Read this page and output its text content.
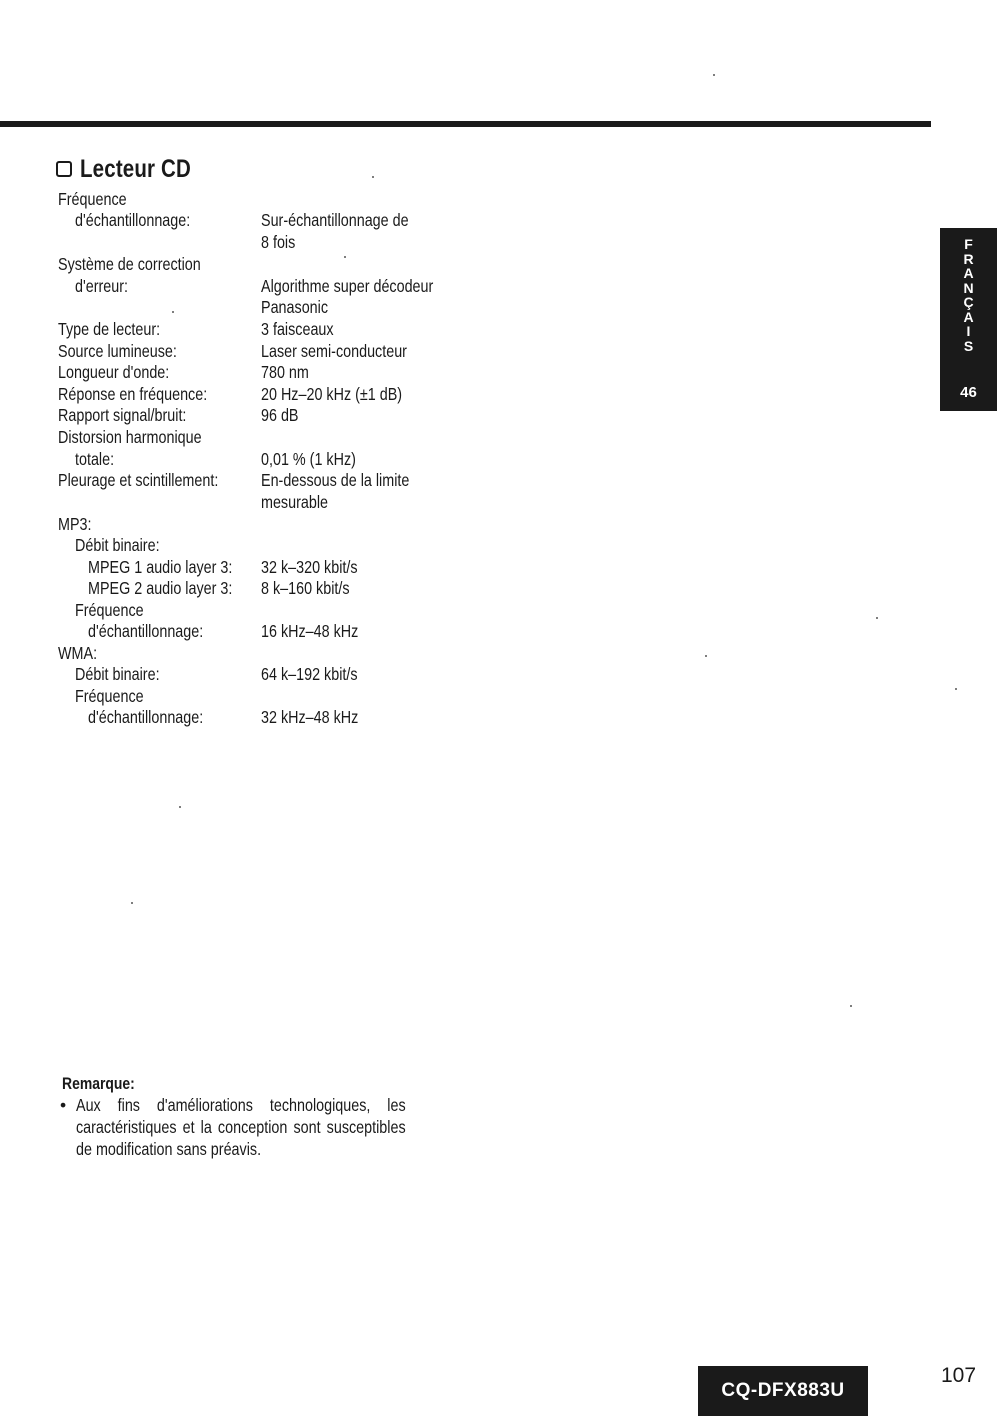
Lecteur CD
Fréquence
d'échantillonnage:
Système de correction
d'erreur:
Type de lecteur:
Source lumineuse:
Longueur d'onde:
Réponse en fréquence:
Rapport signal/bruit:
Distorsion harmonique
totale:
Pleurage et scintillement:
MP3:
Débit binaire:
MPEG 1 audio layer 3:
MPEG 2 audio layer 3:
Fréquence
d'échantillonnage:
WMA:
Débit binaire:
Fréquence
d'échantillonnage:
Sur-échantillonnage de
8 fois
Algorithme super décodeur
Panasonic
3 faisceaux
Laser semi-conducteur
780 nm
20 Hz–20 kHz (±1 dB)
96 dB
0,01 % (1 kHz)
En-dessous de la limite
mesurable
32 k–320 kbit/s
8 k–160 kbit/s
16 kHz–48 kHz
64 k–192 kbit/s
32 kHz–48 kHz
F
R
A
N
Ç
A
I
S
46
Remarque:
• Aux fins d'améliorations technologiques, les caractéristiques et la conception sont susceptibles de modification sans préavis.
CQ-DFX883U
107
